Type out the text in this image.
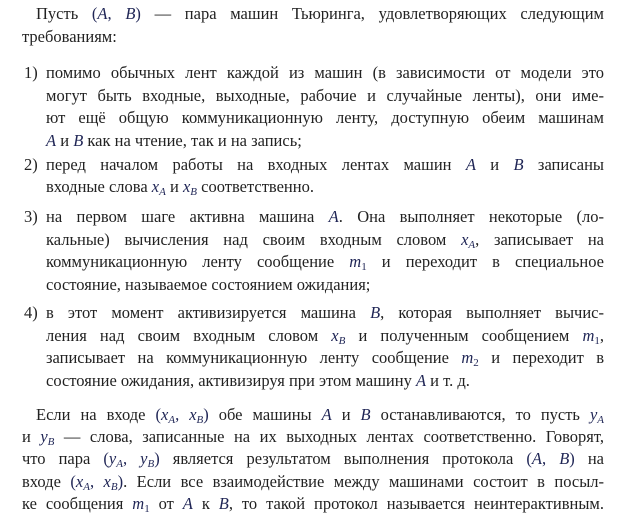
Пусть (A, B) — пара машин Тьюринга, удовлетворяющих следующим
требованиям:
1) помимо обычных лент каждой из машин (в зависимости от модели это
могут быть входные, выходные, рабочие и случайные ленты), они име-
ют ещё общую коммуникационную ленту, доступную обеим машинам
A и B как на чтение, так и на запись;
2) перед началом работы на входных лентах машин A и B записаны
входные слова $x_A$ и $x_B$ соответственно.
3) на первом шаге активна машина A. Она выполняет некоторые (ло-
кальные) вычисления над своим входным словом $x_A$, записывает на
коммуникационную ленту сообщение $m_1$ и переходит в специальное
состояние, называемое состоянием ожидания;
4) в этот момент активизируется машина B, которая выполняет вычис-
ления над своим входным словом $x_B$ и полученным сообщением $m_1$,
записывает на коммуникационную ленту сообщение $m_2$ и переходит в
состояние ожидания, активизируя при этом машину A и т. д.
Если на входе ($x_A$, $x_B$) обе машины A и B останавливаются, то пусть $y_A$
и $y_B$ — слова, записанные на их выходных лентах соответственно. Говорят,
что пара ($y_A$, $y_B$) является результатом выполнения протокола (A, B) на
входе ($x_A$, $x_B$). Если все взаимодействие между машинами состоит в посыл-
ке сообщения $m_1$ от A к B, то такой протокол называется неинтерактивным.
